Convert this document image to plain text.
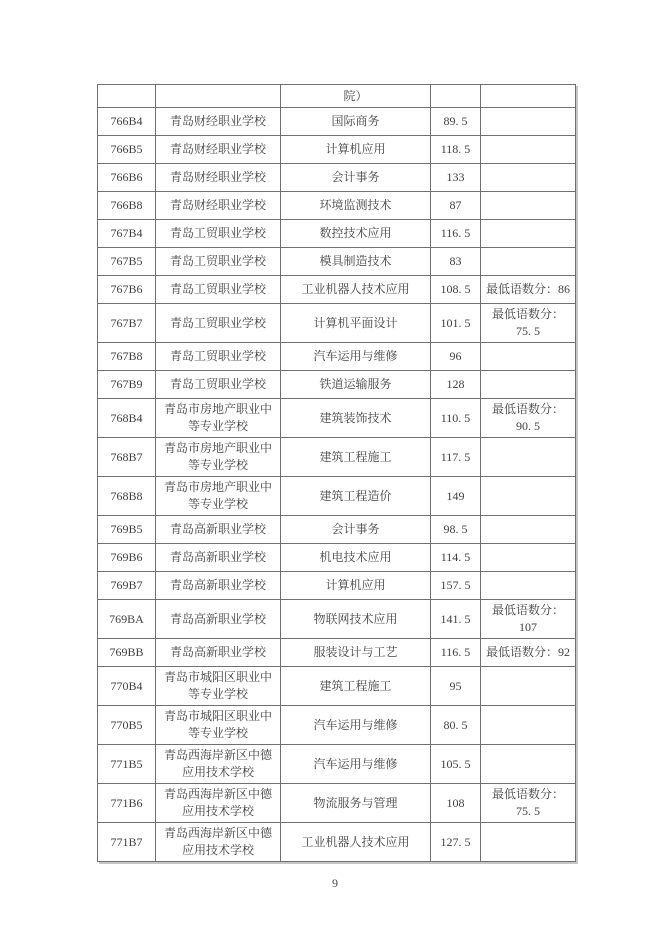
		院）		
766B4	青岛财经职业学校	国际商务	89. 5	
766B5	青岛财经职业学校	计算机应用	118. 5	
766B6	青岛财经职业学校	会计事务	133	
766B8	青岛财经职业学校	环境监测技术	87	
767B4	青岛工贸职业学校	数控技术应用	116. 5	
767B5	青岛工贸职业学校	模具制造技术	83	
767B6	青岛工贸职业学校	工业机器人技术应用	108. 5	最低语数分：86
767B7	青岛工贸职业学校	计算机平面设计	101. 5	最低语数分：
75. 5

767B8	青岛工贸职业学校	汽车运用与维修	96	
767B9	青岛工贸职业学校	铁道运输服务	128	
768B4	青岛市房地产职业中等专业学校	建筑装饰技术	110. 5	最低语数分：
90. 5

768B7	青岛市房地产职业中等专业学校	建筑工程施工	117. 5	
768B8	青岛市房地产职业中等专业学校	建筑工程造价	149	
769B5	青岛高新职业学校	会计事务	98. 5	
769B6	青岛高新职业学校	机电技术应用	114. 5	
769B7	青岛高新职业学校	计算机应用	157. 5	
769BA	青岛高新职业学校	物联网技术应用	141. 5	最低语数分：107
769BB	青岛高新职业学校	服装设计与工艺	116. 5	最低语数分：92
770B4	青岛市城阳区职业中等专业学校	建筑工程施工	95	
770B5	青岛市城阳区职业中等专业学校	汽车运用与维修	80. 5	
771B5	青岛西海岸新区中德应用技术学校	汽车运用与维修	105. 5	
771B6	青岛西海岸新区中德应用技术学校	物流服务与管理	108	最低语数分：
75. 5

771B7	青岛西海岸新区中德应用技术学校	工业机器人技术应用	127. 5	
9
